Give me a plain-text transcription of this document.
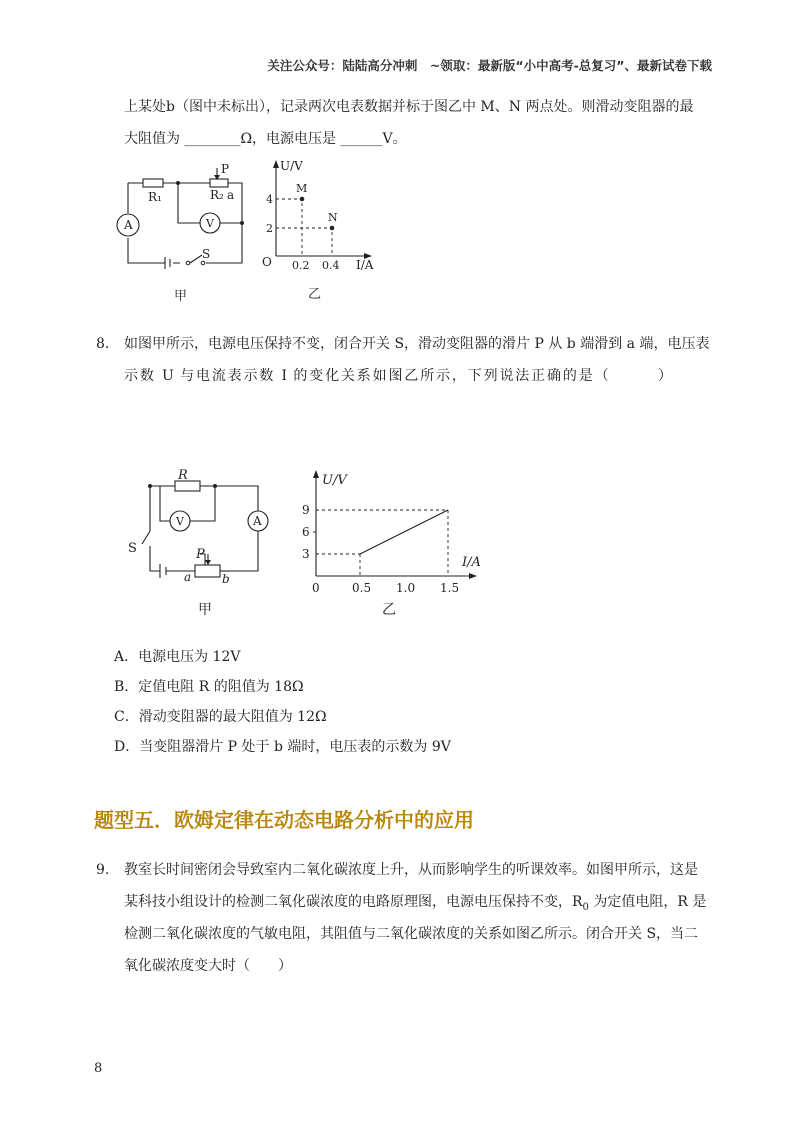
关注公众号：陆陆高分冲刺　~领取：最新版“小中高考-总复习”、最新试卷下载
上某处b（图中未标出），记录两次电表数据并标于图乙中 M、N 两点处。则滑动变阻器的最
大阻值为 ________Ω，电源电压是 ______V。
A	V
R₁	R₂ a
P
S
甲
U/V
I/A
O
4
2
0.2 0.4
M
N
乙
8. 如图甲所示，电源电压保持不变，闭合开关 S，滑动变阻器的滑片 P 从 b 端滑到 a 端，电压表
示数 U 与电流表示数 I 的变化关系如图乙所示，下列说法正确的是（　　　）
R
V	A
S	P
a	b
甲
U/V
I/A
9
6
3
0	0.5 1.0 1.5
乙
A．电源电压为 12V
B．定值电阻 R 的阻值为 18Ω
C．滑动变阻器的最大阻值为 12Ω
D．当变阻器滑片 P 处于 b 端时，电压表的示数为 9V
题型五．欧姆定律在动态电路分析中的应用
9. 教室长时间密闭会导致室内二氧化碳浓度上升，从而影响学生的听课效率。如图甲所示，这是
某科技小组设计的检测二氧化碳浓度的电路原理图，电源电压保持不变，$R_0$ 为定值电阻，R 是
检测二氧化碳浓度的气敏电阻，其阻值与二氧化碳浓度的关系如图乙所示。闭合开关 S，当二
氧化碳浓度变大时（　　）
8
